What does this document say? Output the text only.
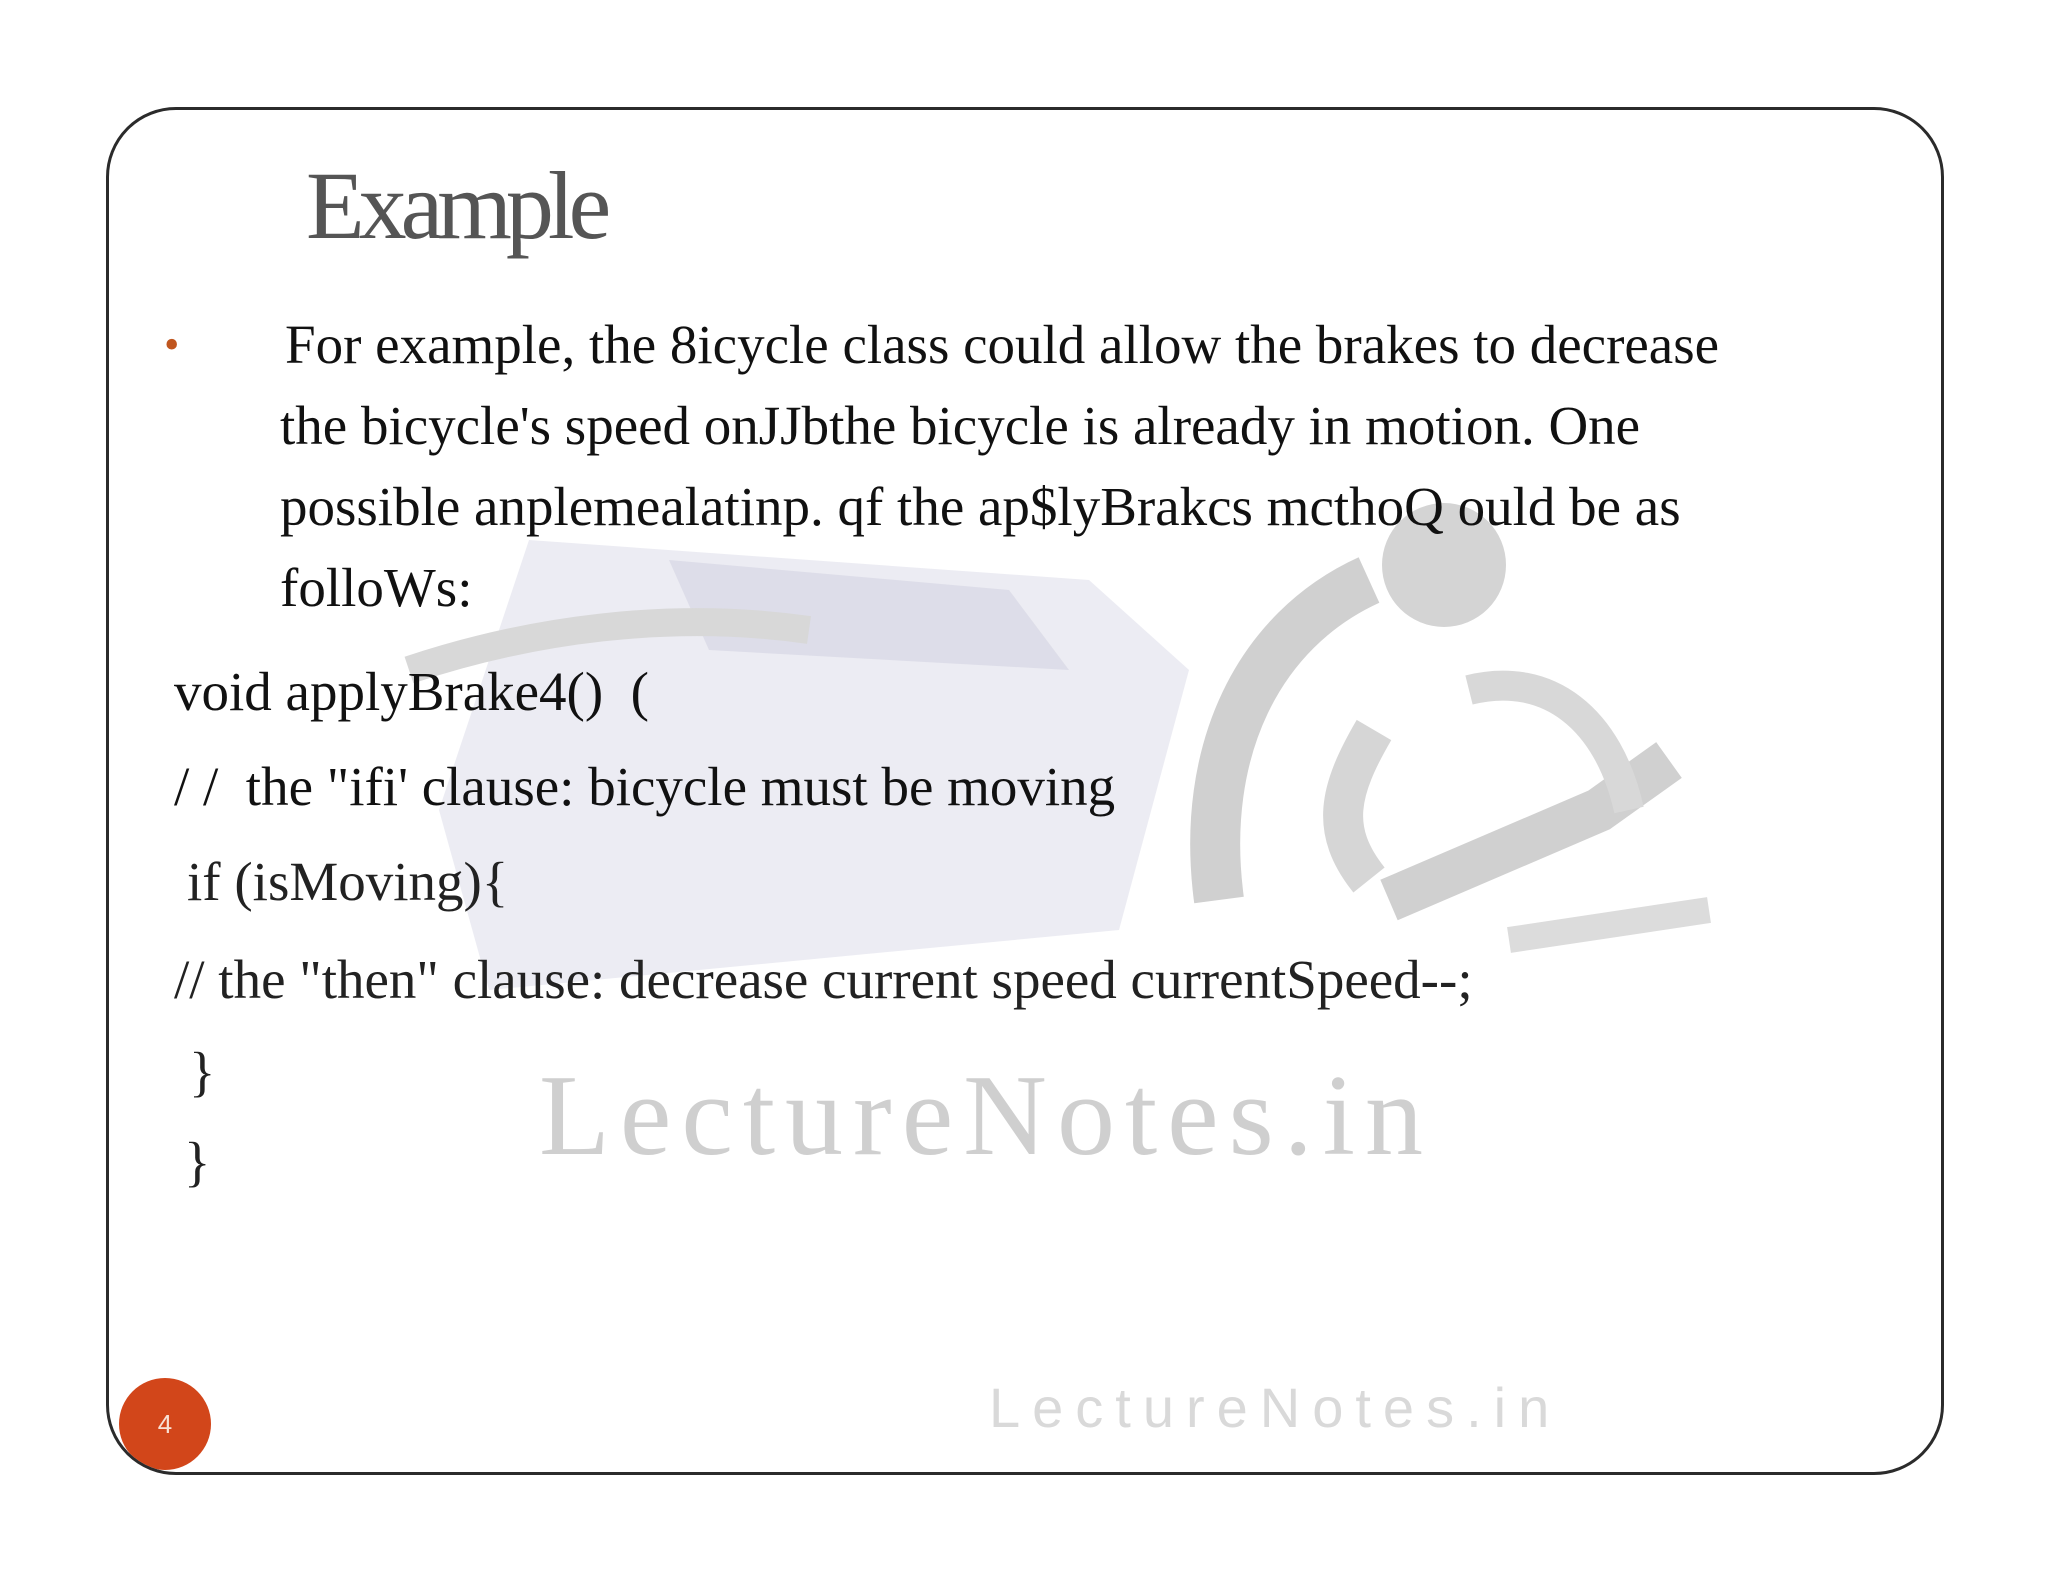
LectureNotes.in
LectureNotes.in
Example
• For example, the 8icycle class could allow the brakes to decrease
the bicуcle's speed onJJbthe bicycle is already in motion. One
possible anplemealatinp. qf the ap$lyBrakcs mcthoQ ould be as
folloWs:
void applyBrake4()  (
/ /  the "ifi' clause: bicycle must be moving
if (isMoving){
// the "then" clause: decrease current speed currentSpeed--;
}
}
4
